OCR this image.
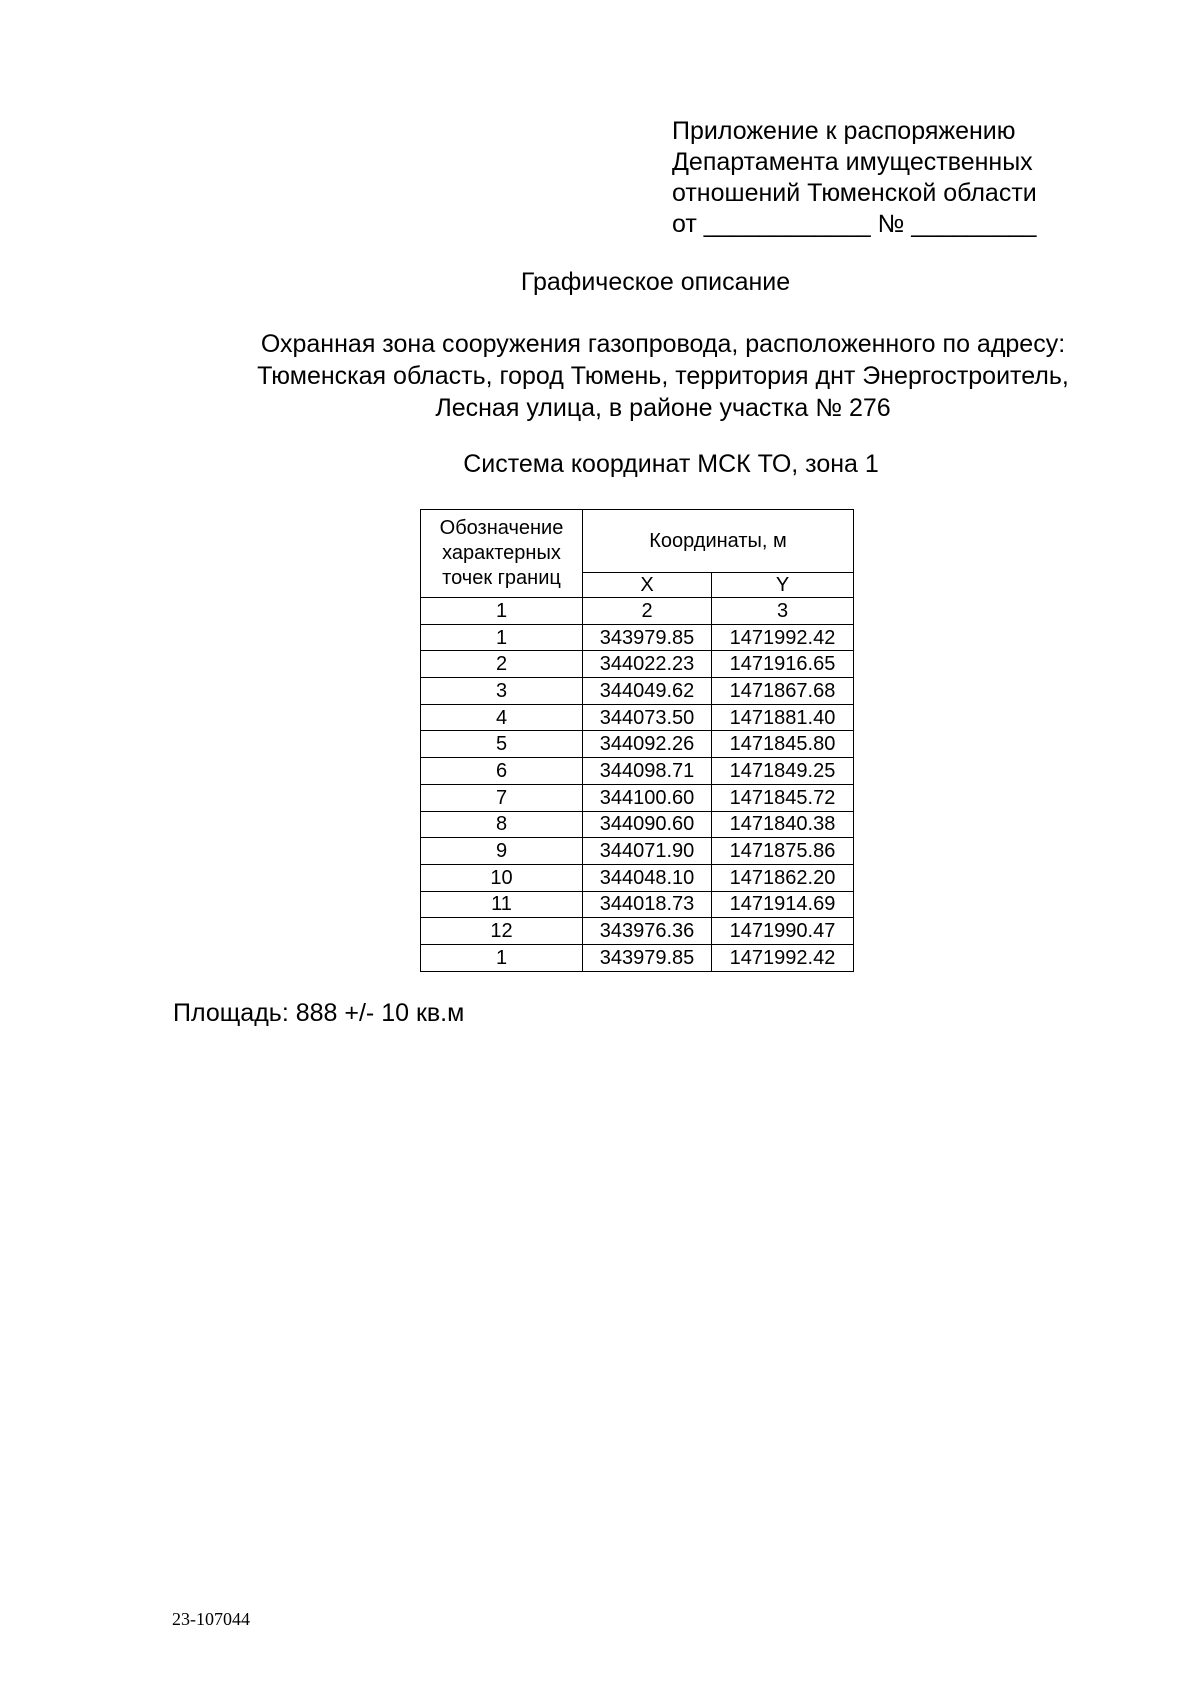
Приложение к распоряжению
Департамента имущественных
отношений Тюменской области
от ____________ № _________
Графическое описание
Охранная зона сооружения газопровода, расположенного по адресу:
Тюменская область, город Тюмень, территория днт Энергостроитель,
Лесная улица, в районе участка № 276
Система координат МСК ТО, зона 1
Обозначение характерных точек границ	Координаты, м	
	X	Y
1	2	3
1	343979.85	1471992.42
2	344022.23	1471916.65
3	344049.62	1471867.68
4	344073.50	1471881.40
5	344092.26	1471845.80
6	344098.71	1471849.25
7	344100.60	1471845.72
8	344090.60	1471840.38
9	344071.90	1471875.86
10	344048.10	1471862.20
11	344018.73	1471914.69
12	343976.36	1471990.47
1	343979.85	1471992.42
Площадь: 888 +/- 10 кв.м
23-107044
